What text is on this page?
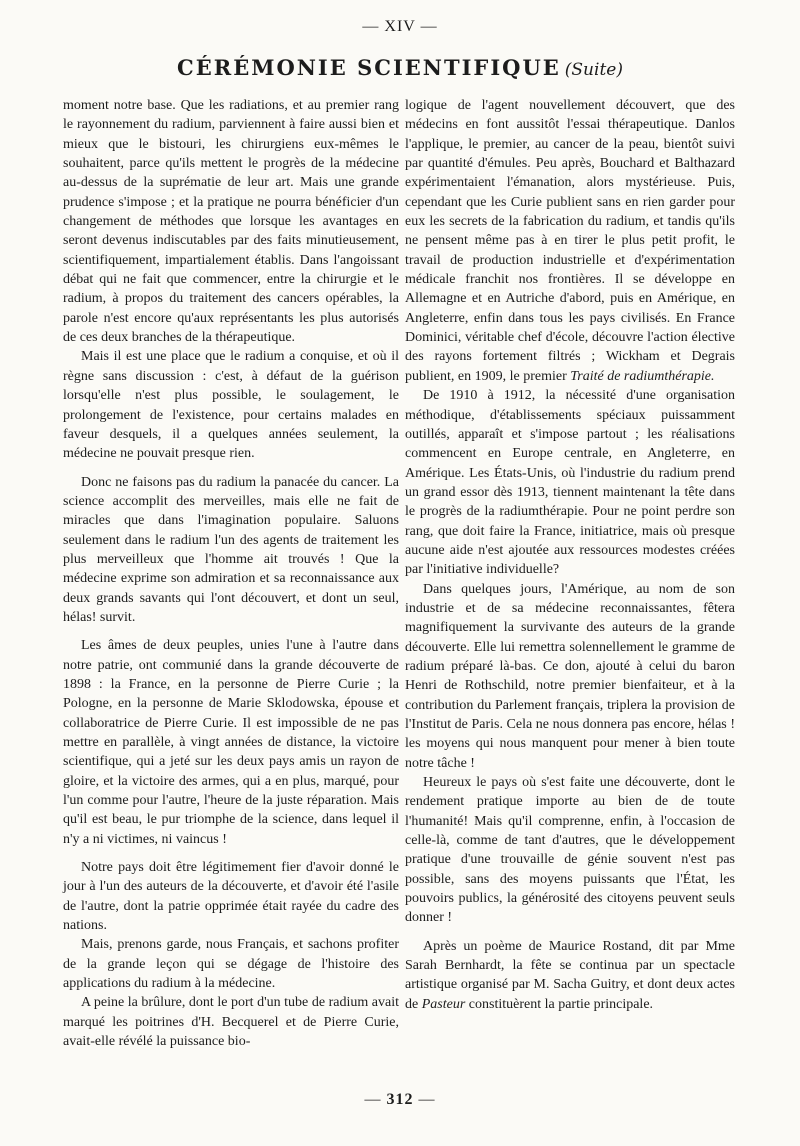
— XIV —
CÉRÉMONIE SCIENTIFIQUE (Suite)

moment notre base. Que les radiations, et au premier rang le rayonnement du radium, parviennent à faire aussi bien et mieux que le bistouri, les chirurgiens eux-mêmes le souhaitent, parce qu'ils mettent le progrès de la médecine au-dessus de la suprématie de leur art. Mais une grande prudence s'impose ; et la pratique ne pourra bénéficier d'un changement de méthodes que lorsque les avantages en seront devenus indiscutables par des faits minutieusement, scientifiquement, impartialement établis. Dans l'angoissant débat qui ne fait que commencer, entre la chirurgie et le radium, à propos du traitement des cancers opérables, la parole n'est encore qu'aux représentants les plus autorisés de ces deux branches de la thérapeutique.

Mais il est une place que le radium a conquise, et où il règne sans discussion : c'est, à défaut de la guérison lorsqu'elle n'est plus possible, le soulagement, le prolongement de l'existence, pour certains malades en faveur desquels, il a quelques années seulement, la médecine ne pouvait presque rien.

Donc ne faisons pas du radium la panacée du cancer. La science accomplit des merveilles, mais elle ne fait de miracles que dans l'imagination populaire. Saluons seulement dans le radium l'un des agents de traitement les plus merveilleux que l'homme ait trouvés ! Que la médecine exprime son admiration et sa reconnaissance aux deux grands savants qui l'ont découvert, et dont un seul, hélas! survit.

Les âmes de deux peuples, unies l'une à l'autre dans notre patrie, ont communié dans la grande découverte de 1898 : la France, en la personne de Pierre Curie ; la Pologne, en la personne de Marie Sklodowska, épouse et collaboratrice de Pierre Curie. Il est impossible de ne pas mettre en parallèle, à vingt années de distance, la victoire scientifique, qui a jeté sur les deux pays amis un rayon de gloire, et la victoire des armes, qui a en plus, marqué, pour l'un comme pour l'autre, l'heure de la juste réparation. Mais qu'il est beau, le pur triomphe de la science, dans lequel il n'y a ni victimes, ni vaincus !

Notre pays doit être légitimement fier d'avoir donné le jour à l'un des auteurs de la découverte, et d'avoir été l'asile de l'autre, dont la patrie opprimée était rayée du cadre des nations.

Mais, prenons garde, nous Français, et sachons profiter de la grande leçon qui se dégage de l'histoire des applications du radium à la médecine.

A peine la brûlure, dont le port d'un tube de radium avait marqué les poitrines d'H. Becquerel et de Pierre Curie, avait-elle révélé la puissance bio-

logique de l'agent nouvellement découvert, que des médecins en font aussitôt l'essai thérapeutique. Danlos l'applique, le premier, au cancer de la peau, bientôt suivi par quantité d'émules. Peu après, Bouchard et Balthazard expérimentaient l'émanation, alors mystérieuse. Puis, cependant que les Curie publient sans en rien garder pour eux les secrets de la fabrication du radium, et tandis qu'ils ne pensent même pas à en tirer le plus petit profit, le travail de production industrielle et d'expérimentation médicale franchit nos frontières. Il se développe en Allemagne et en Autriche d'abord, puis en Amérique, en Angleterre, enfin dans tous les pays civilisés. En France Dominici, véritable chef d'école, découvre l'action élective des rayons fortement filtrés ; Wickham et Degrais publient, en 1909, le premier Traité de radiumthérapie.

De 1910 à 1912, la nécessité d'une organisation méthodique, d'établissements spéciaux puissamment outillés, apparaît et s'impose partout ; les réalisations commencent en Europe centrale, en Angleterre, en Amérique. Les États-Unis, où l'industrie du radium prend un grand essor dès 1913, tiennent maintenant la tête dans le progrès de la radiumthérapie. Pour ne point perdre son rang, que doit faire la France, initiatrice, mais où presque aucune aide n'est ajoutée aux ressources modestes créées par l'initiative individuelle?

Dans quelques jours, l'Amérique, au nom de son industrie et de sa médecine reconnaissantes, fêtera magnifiquement la survivante des auteurs de la grande découverte. Elle lui remettra solennellement le gramme de radium préparé là-bas. Ce don, ajouté à celui du baron Henri de Rothschild, notre premier bienfaiteur, et à la contribution du Parlement français, triplera la provision de l'Institut de Paris. Cela ne nous donnera pas encore, hélas ! les moyens qui nous manquent pour mener à bien toute notre tâche !

Heureux le pays où s'est faite une découverte, dont le rendement pratique importe au bien de de toute l'humanité! Mais qu'il comprenne, enfin, à l'occasion de celle-là, comme de tant d'autres, que le développement pratique d'une trouvaille de génie souvent n'est pas possible, sans des moyens puissants que l'État, les pouvoirs publics, la générosité des citoyens peuvent seuls donner !

Après un poème de Maurice Rostand, dit par Mme Sarah Bernhardt, la fête se continua par un spectacle artistique organisé par M. Sacha Guitry, et dont deux actes de Pasteur constituèrent la partie principale.

— 312 —
